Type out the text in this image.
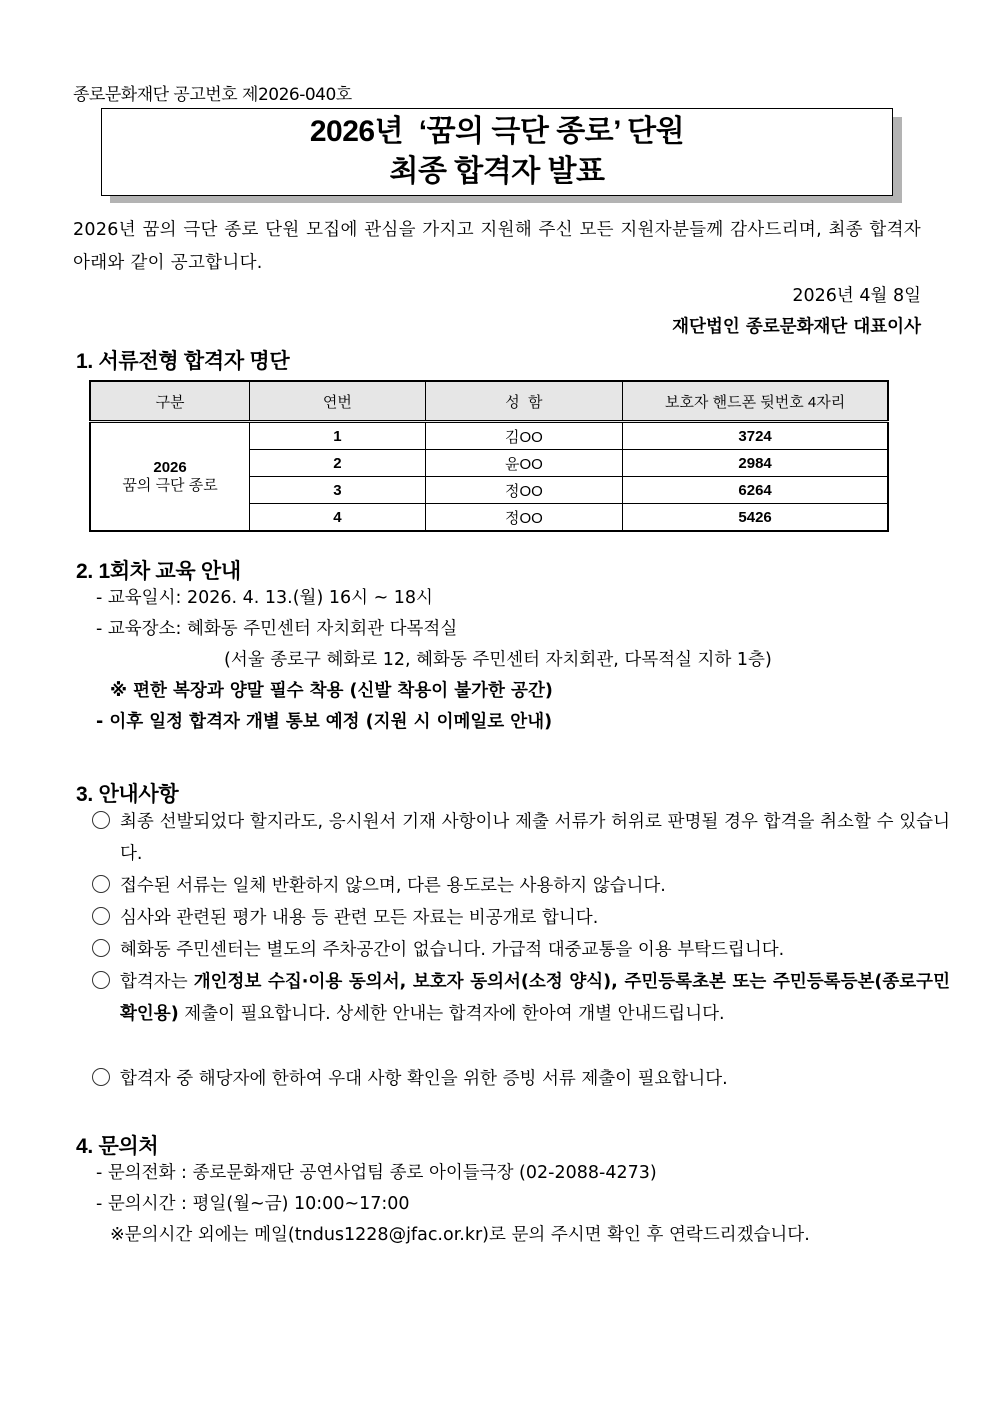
종로문화재단 공고번호 제2026-040호
2026년  ‘꿈의 극단 종로’ 단원
최종 합격자 발표
2026년 꿈의 극단 종로 단원 모집에 관심을 가지고 지원해 주신 모든 지원자분들께 감사드리며, 최종 합격자 아래와 같이 공고합니다.
2026년 4월 8일
재단법인 종로문화재단 대표이사
1. 서류전형 합격자 명단
구분	연번	성  함	보호자 핸드폰 뒷번호 4자리

2026
꿈의 극단 종로	1	김OO	3724
	2	윤OO	2984
	3	정OO	6264
	4	정OO	5426
2. 1회차 교육 안내
- 교육일시: 2026. 4. 13.(월) 16시 ~ 18시
- 교육장소: 혜화동 주민센터 자치회관 다목적실
(서울 종로구 혜화로 12, 혜화동 주민센터 자치회관, 다목적실 지하 1층)
※ 편한 복장과 양말 필수 착용 (신발 착용이 불가한 공간)
- 이후 일정 합격자 개별 통보 예정 (지원 시 이메일로 안내)
3. 안내사항
최종 선발되었다 할지라도, 응시원서 기재 사항이나 제출 서류가 허위로 판명될 경우 합격을 취소할 수 있습니다.
접수된 서류는 일체 반환하지 않으며, 다른 용도로는 사용하지 않습니다.
심사와 관련된 평가 내용 등 관련 모든 자료는 비공개로 합니다.
혜화동 주민센터는 별도의 주차공간이 없습니다. 가급적 대중교통을 이용 부탁드립니다.
합격자는 개인정보 수집·이용 동의서, 보호자 동의서(소정 양식), 주민등록초본 또는 주민등록등본(종로구민 확인용) 제출이 필요합니다. 상세한 안내는 합격자에 한아여 개별 안내드립니다.
합격자 중 해당자에 한하여 우대 사항 확인을 위한 증빙 서류 제출이 필요합니다.
4. 문의처
- 문의전화 : 종로문화재단 공연사업팀 종로 아이들극장 (02-2088-4273)
- 문의시간 : 평일(월~금) 10:00~17:00
※문의시간 외에는 메일(tndus1228@jfac.or.kr)로 문의 주시면 확인 후 연락드리겠습니다.
